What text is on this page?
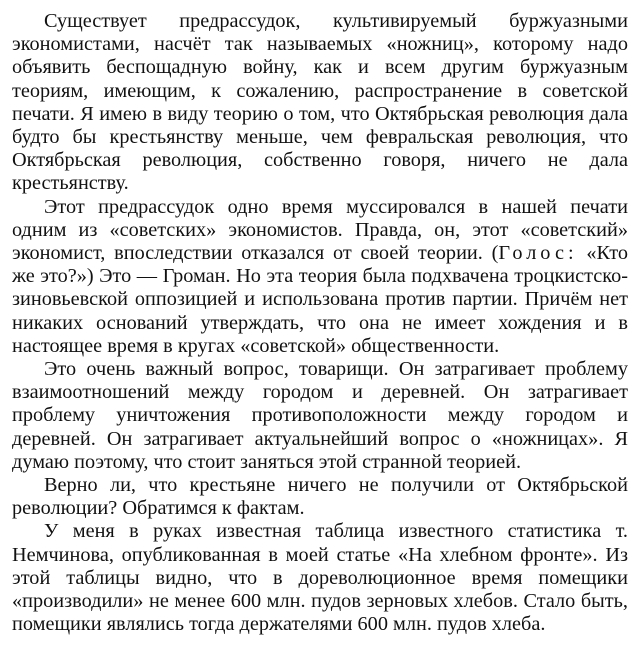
Существует предрассудок, культивируемый буржуазными экономистами, насчёт так называемых «ножниц», которому надо объявить беспощадную войну, как и всем другим буржуазным теориям, имеющим, к сожалению, распространение в советской печати. Я имею в виду теорию о том, что Октябрьская революция дала будто бы крестьянству меньше, чем февральская революция, что Октябрьская революция, собственно говоря, ничего не дала крестьянству.

Этот предрассудок одно время муссировался в нашей печати одним из «советских» экономистов. Правда, он, этот «советский» экономист, впоследствии отказался от своей теории. (Голос: «Кто же это?») Это — Громан. Но эта теория была подхвачена троцкистско-зиновьевской оппозицией и использована против партии. Причём нет никаких оснований утверждать, что она не имеет хождения и в настоящее время в кругах «советской» общественности.

Это очень важный вопрос, товарищи. Он затрагивает проблему взаимоотношений между городом и деревней. Он затрагивает проблему уничтожения противоположности между городом и деревней. Он затрагивает актуальнейший вопрос о «ножницах». Я думаю поэтому, что стоит заняться этой странной теорией.

Верно ли, что крестьяне ничего не получили от Октябрьской революции? Обратимся к фактам.

У меня в руках известная таблица известного статистика т. Немчинова, опубликованная в моей статье «На хлебном фронте». Из этой таблицы видно, что в дореволюционное время помещики «производили» не менее 600 млн. пудов зерновых хлебов. Стало быть, помещики являлись тогда держателями 600 млн. пудов хлеба.
